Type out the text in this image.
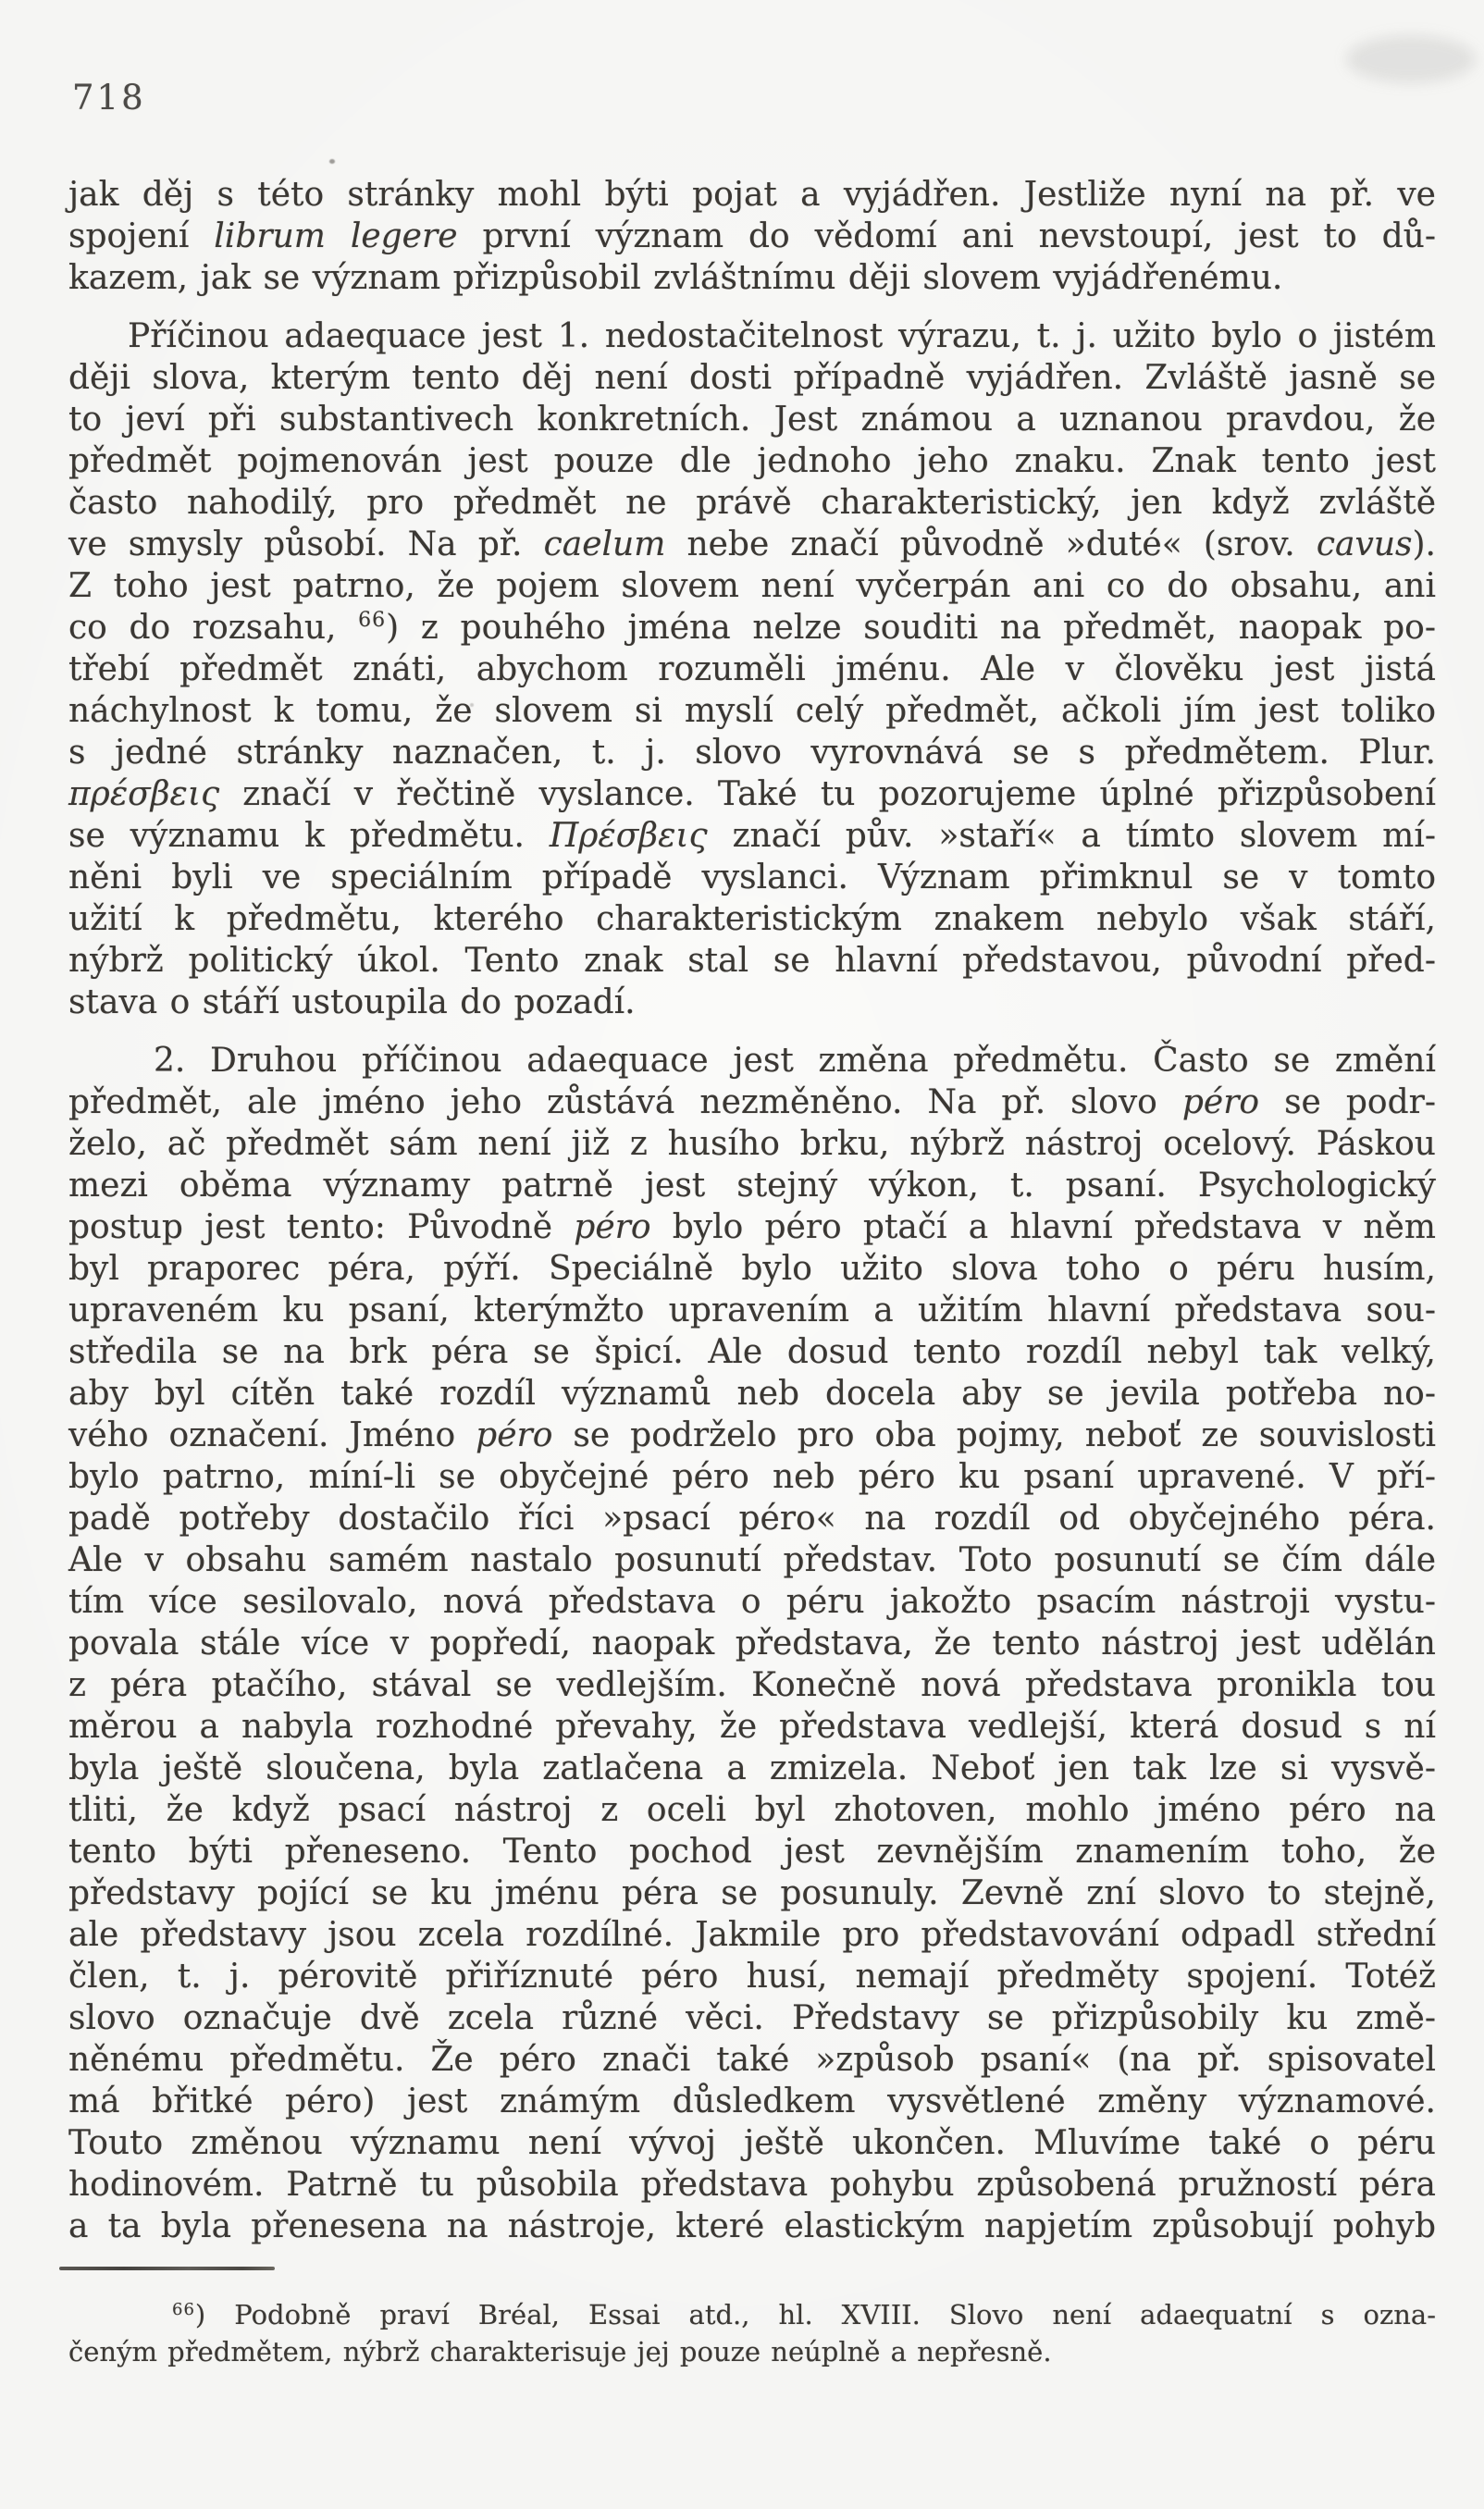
718
jak děj s této stránky mohl býti pojat a vyjádřen. Jestliže nyní na př. ve
spojení librum legere první význam do vědomí ani nevstoupí, jest to dů-
kazem, jak se význam přizpůsobil zvláštnímu ději slovem vyjádřenému.
Příčinou adaequace jest 1. nedostačitelnost výrazu, t. j. užito bylo o jistém
ději slova, kterým tento děj není dosti případně vyjádřen. Zvláště jasně se
to jeví při substantivech konkretních. Jest známou a uznanou pravdou, že
předmět pojmenován jest pouze dle jednoho jeho znaku. Znak tento jest
často nahodilý, pro předmět ne právě charakteristický, jen když zvláště
ve smysly působí. Na př. caelum nebe značí původně »duté« (srov. cavus).
Z toho jest patrno, že pojem slovem není vyčerpán ani co do obsahu, ani
co do rozsahu, $^{66}$) z pouhého jména nelze souditi na předmět, naopak po-
třebí předmět znáti, abychom rozuměli jménu. Ale v člověku jest jistá
náchylnost k tomu, že slovem si myslí celý předmět, ačkoli jím jest toliko
s jedné stránky naznačen, t. j. slovo vyrovnává se s předmětem. Plur.
πρέσβεις značí v řečtině vyslance. Také tu pozorujeme úplné přizpůsobení
se významu k předmětu. Πρέσβεις značí pův. »staří« a tímto slovem mí-
něni byli ve speciálním případě vyslanci. Význam přimknul se v tomto
užití k předmětu, kterého charakteristickým znakem nebylo však stáří,
nýbrž politický úkol. Tento znak stal se hlavní představou, původní před-
stava o stáří ustoupila do pozadí.
2. Druhou příčinou adaequace jest změna předmětu. Často se změní
předmět, ale jméno jeho zůstává nezměněno. Na př. slovo péro se podr-
želo, ač předmět sám není již z husího brku, nýbrž nástroj ocelový. Páskou
mezi oběma významy patrně jest stejný výkon, t. psaní. Psychologický
postup jest tento: Původně péro bylo péro ptačí a hlavní představa v něm
byl praporec péra, pýří. Speciálně bylo užito slova toho o péru husím,
upraveném ku psaní, kterýmžto upravením a užitím hlavní představa sou-
středila se na brk péra se špicí. Ale dosud tento rozdíl nebyl tak velký,
aby byl cítěn také rozdíl významů neb docela aby se jevila potřeba no-
vého označení. Jméno péro se podrželo pro oba pojmy, neboť ze souvislosti
bylo patrno, míní-li se obyčejné péro neb péro ku psaní upravené. V pří-
padě potřeby dostačilo říci »psací péro« na rozdíl od obyčejného péra.
Ale v obsahu samém nastalo posunutí představ. Toto posunutí se čím dále
tím více sesilovalo, nová představa o péru jakožto psacím nástroji vystu-
povala stále více v popředí, naopak představa, že tento nástroj jest udělán
z péra ptačího, stával se vedlejším. Konečně nová představa pronikla tou
měrou a nabyla rozhodné převahy, že představa vedlejší, která dosud s ní
byla ještě sloučena, byla zatlačena a zmizela. Neboť jen tak lze si vysvě-
tliti, že když psací nástroj z oceli byl zhotoven, mohlo jméno péro na
tento býti přeneseno. Tento pochod jest zevnějším znamením toho, že
představy pojící se ku jménu péra se posunuly. Zevně zní slovo to stejně,
ale představy jsou zcela rozdílné. Jakmile pro představování odpadl střední
člen, t. j. pérovitě přiříznuté péro husí, nemají předměty spojení. Totéž
slovo označuje dvě zcela různé věci. Představy se přizpůsobily ku změ-
něnému předmětu. Že péro znači také »způsob psaní« (na př. spisovatel
má břitké péro) jest známým důsledkem vysvětlené změny významové.
Touto změnou významu není vývoj ještě ukončen. Mluvíme také o péru
hodinovém. Patrně tu působila představa pohybu způsobená pružností péra
a ta byla přenesena na nástroje, které elastickým napjetím způsobují pohyb
$^{66}$) Podobně praví Bréal, Essai atd., hl. XVIII. Slovo není adaequatní s ozna-
čeným předmětem, nýbrž charakterisuje jej pouze neúplně a nepřesně.
